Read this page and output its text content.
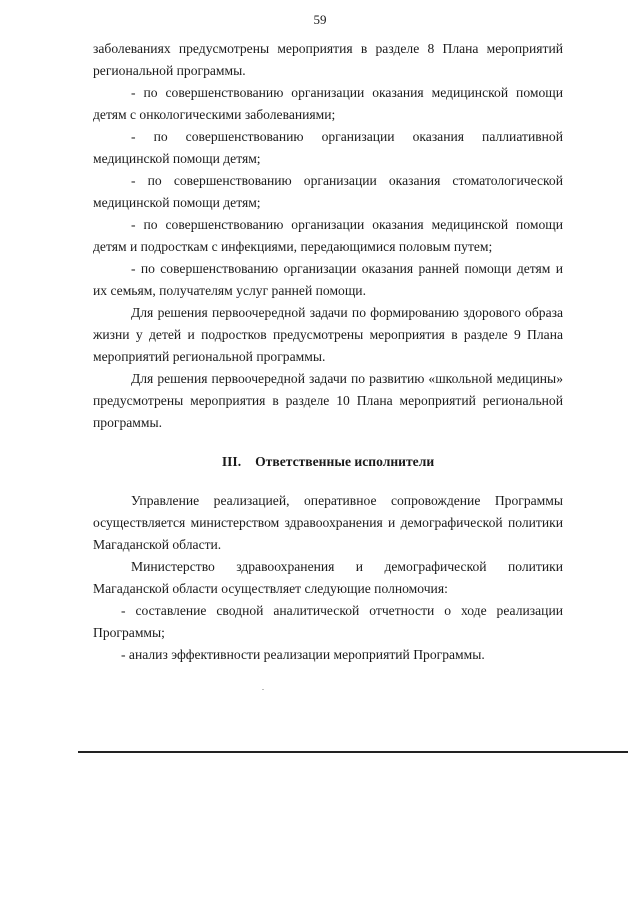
59

заболеваниях предусмотрены мероприятия в разделе 8 Плана мероприятий региональной программы.

- по совершенствованию организации оказания медицинской помощи детям с онкологическими заболеваниями;

- по совершенствованию организации оказания паллиативной медицинской помощи детям;

- по совершенствованию организации оказания стоматологической медицинской помощи детям;

- по совершенствованию организации оказания медицинской помощи детям и подросткам с инфекциями, передающимися половым путем;

- по совершенствованию организации оказания ранней помощи детям и их семьям, получателям услуг ранней помощи.

Для решения первоочередной задачи по формированию здорового образа жизни у детей и подростков предусмотрены мероприятия в разделе 9 Плана мероприятий региональной программы.

Для решения первоочередной задачи по развитию «школьной медицины» предусмотрены мероприятия в разделе 10 Плана мероприятий региональной программы.

III. Ответственные исполнители

Управление реализацией, оперативное сопровождение Программы осуществляется министерством здравоохранения и демографической политики Магаданской области.

Министерство здравоохранения и демографической политики Магаданской области осуществляет следующие полномочия:

- составление сводной аналитической отчетности о ходе реализации Программы;

- анализ эффективности реализации мероприятий Программы.
